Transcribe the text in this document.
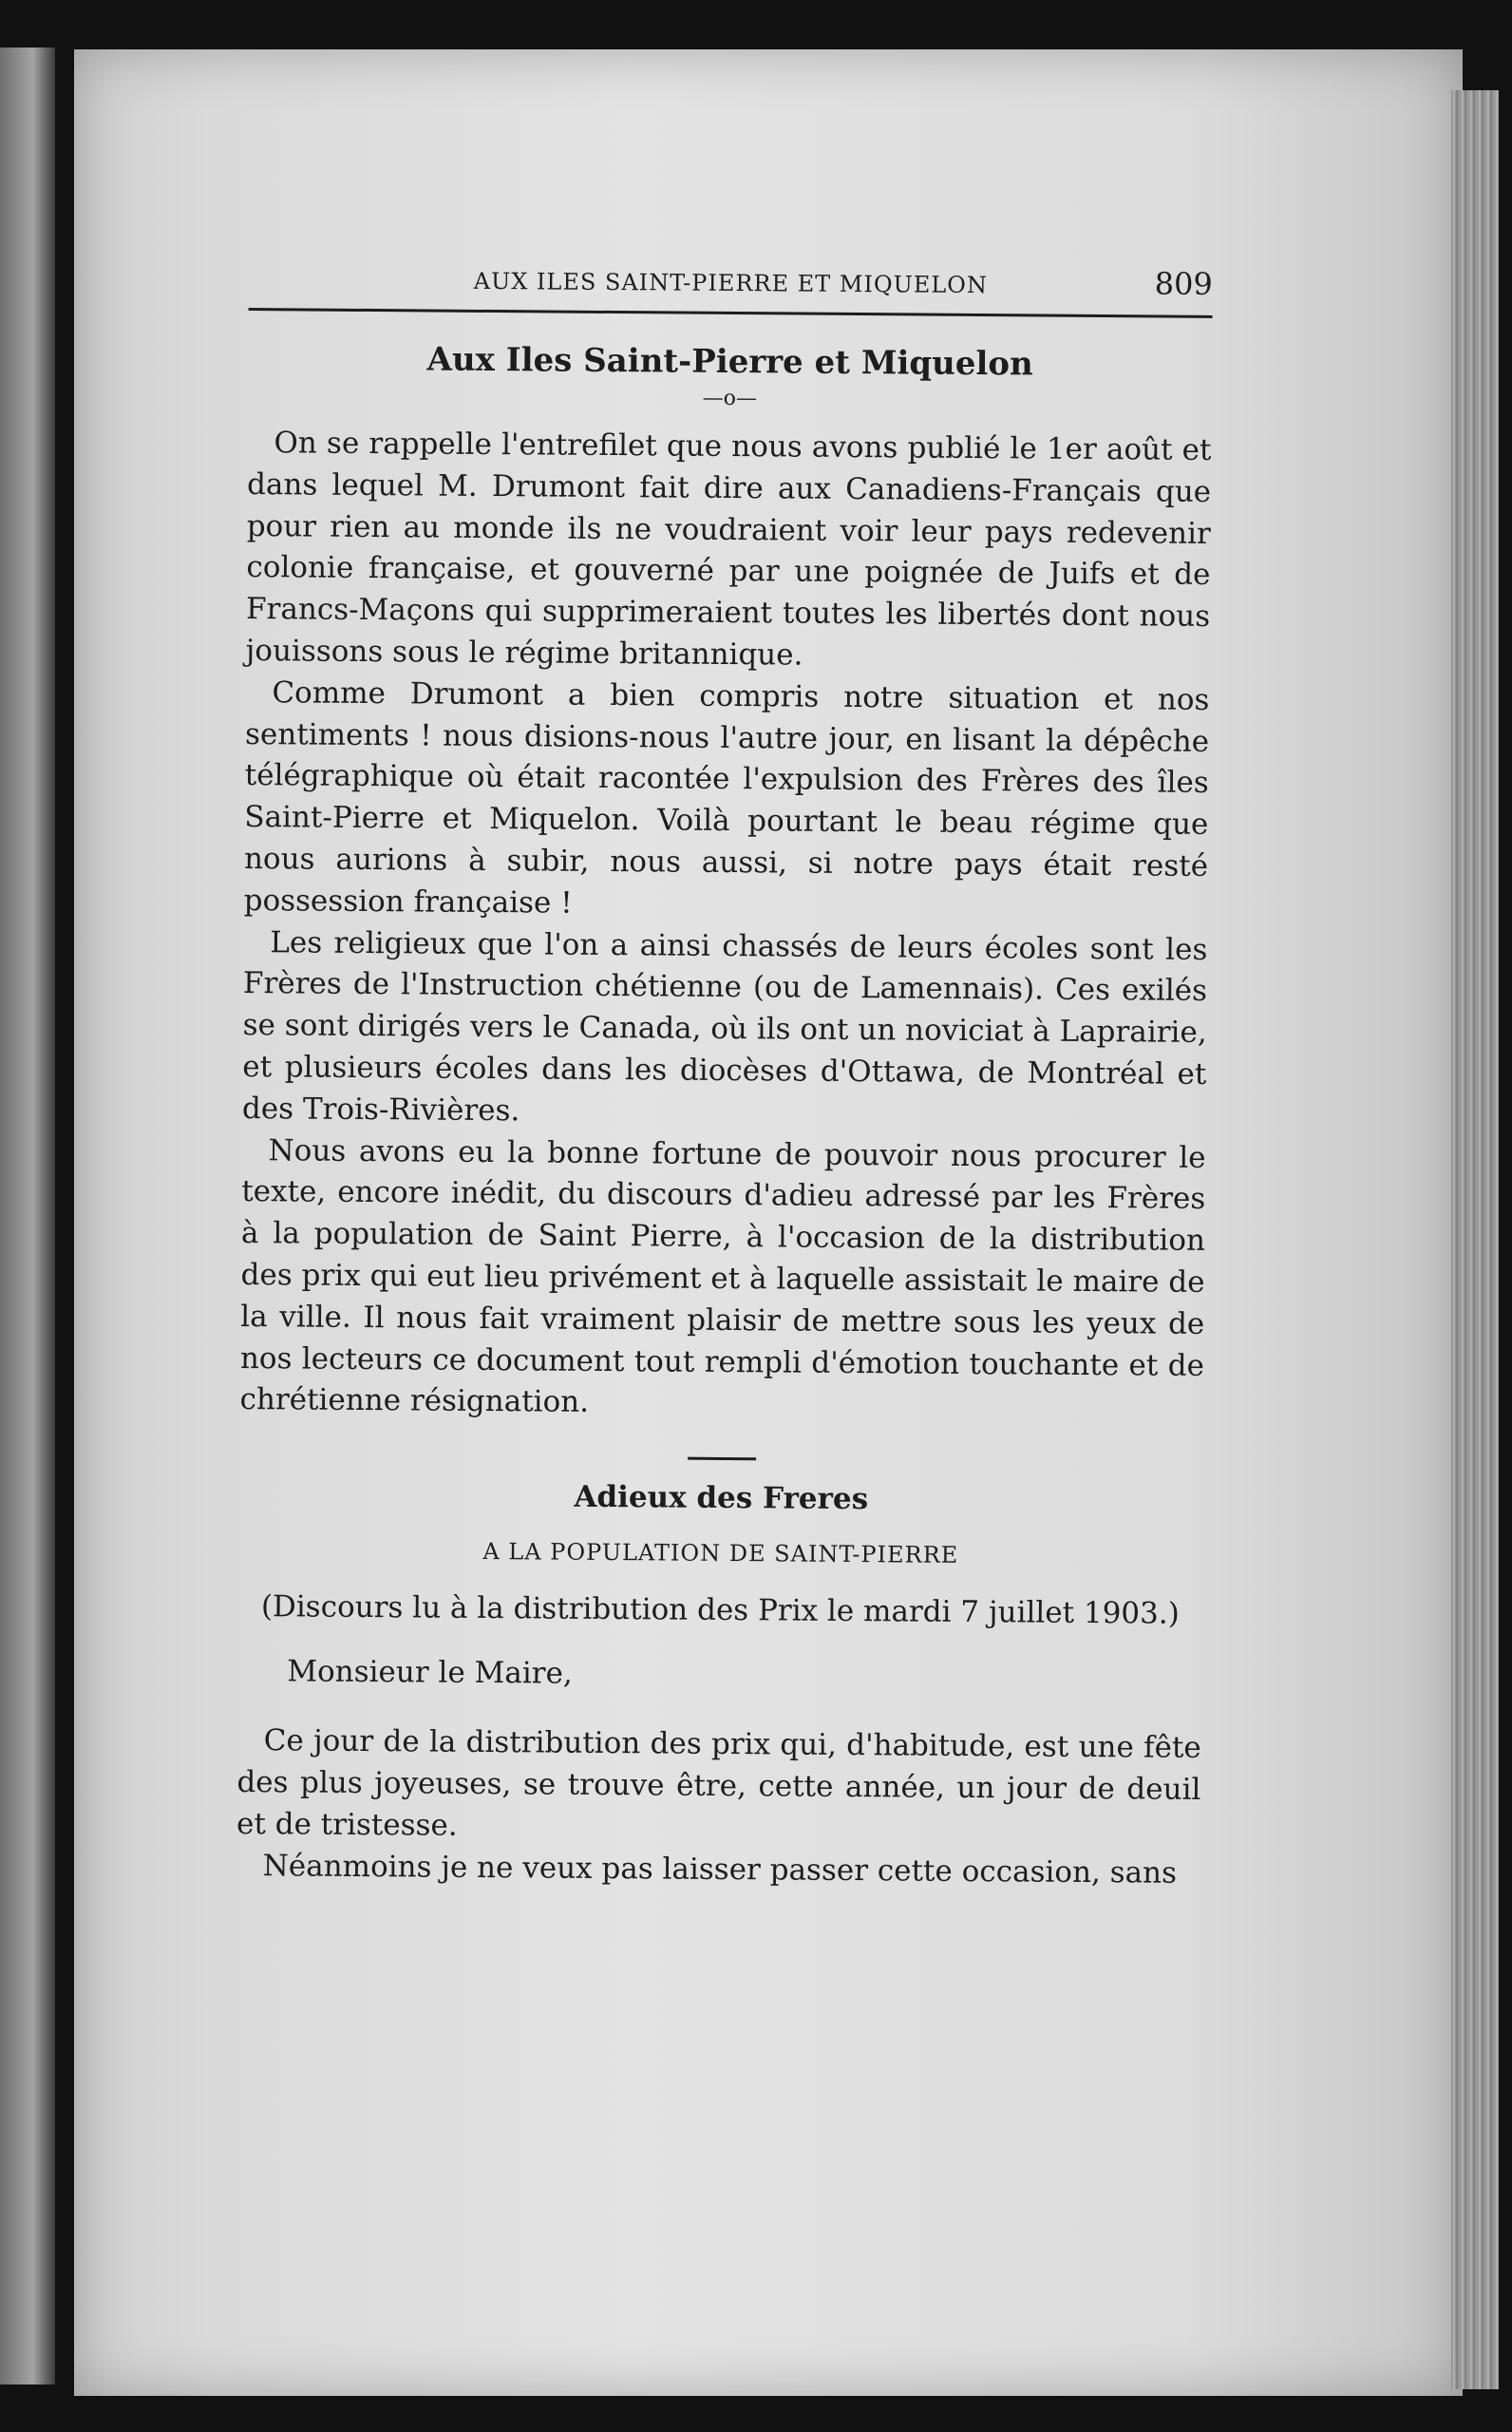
AUX ILES SAINT-PIERRE ET MIQUELON	809
Aux Iles Saint-Pierre et Miquelon
—o—

On se rappelle l'entrefilet que nous avons publié le 1er août et dans lequel M. Drumont fait dire aux Canadiens-Français que pour rien au monde ils ne voudraient voir leur pays redevenir colonie française, et gouverné par une poignée de Juifs et de Francs-Maçons qui supprimeraient toutes les libertés dont nous jouissons sous le régime britannique.

Comme Drumont a bien compris notre situation et nos sentiments ! nous disions-nous l'autre jour, en lisant la dépêche télégraphique où était racontée l'expulsion des Frères des îles Saint-Pierre et Miquelon. Voilà pourtant le beau régime que nous aurions à subir, nous aussi, si notre pays était resté possession française !

Les religieux que l'on a ainsi chassés de leurs écoles sont les Frères de l'Instruction chétienne (ou de Lamennais). Ces exilés se sont dirigés vers le Canada, où ils ont un noviciat à Laprairie, et plusieurs écoles dans les diocèses d'Ottawa, de Montréal et des Trois-Rivières.

Nous avons eu la bonne fortune de pouvoir nous procurer le texte, encore inédit, du discours d'adieu adressé par les Frères à la population de Saint Pierre, à l'occasion de la distribution des prix qui eut lieu privément et à laquelle assistait le maire de la ville. Il nous fait vraiment plaisir de mettre sous les yeux de nos lecteurs ce document tout rempli d'émotion touchante et de chrétienne résignation.

Adieux des Freres
A LA POPULATION DE SAINT-PIERRE
(Discours lu à la distribution des Prix le mardi 7 juillet 1903.)
Monsieur le Maire,

Ce jour de la distribution des prix qui, d'habitude, est une fête des plus joyeuses, se trouve être, cette année, un jour de deuil et de tristesse.

Néanmoins je ne veux pas laisser passer cette occasion, sans
